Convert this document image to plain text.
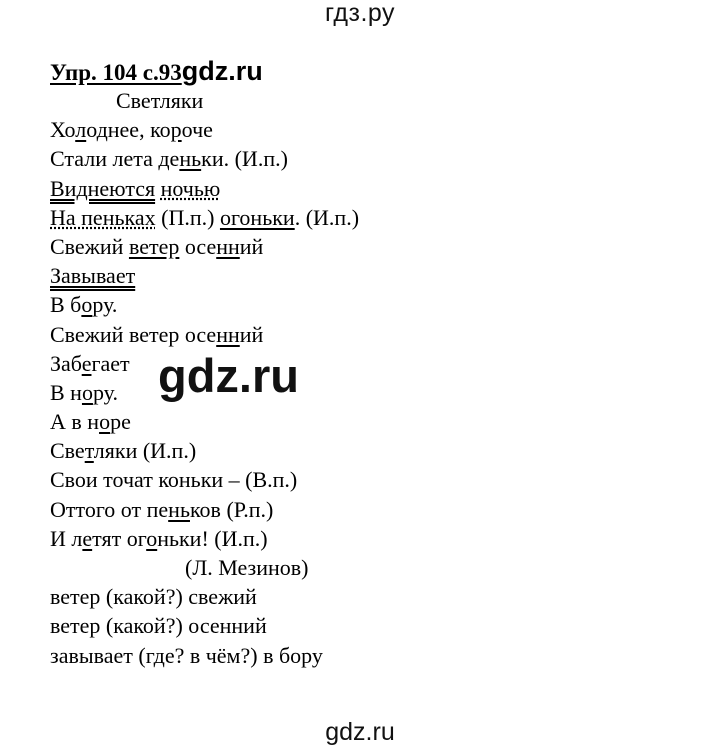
гдз.ру
Упр. 104 с.93gdz.ru
Светляки
Холоднее, короче
Стали лета деньки. (И.п.)
Виднеются ночью
На пеньках (П.п.) огоньки. (И.п.)
Свежий ветер осенний
Завывает
В бору.
Свежий ветер осенний
Забегает
В нору.
А в норе
Светляки (И.п.)
Свои точат коньки – (В.п.)
Оттого от пеньков (Р.п.)
И летят огоньки! (И.п.)
(Л. Мезинов)
ветер (какой?) свежий
ветер (какой?) осенний
завывает (где? в чём?) в бору
gdz.ru
gdz.ru
